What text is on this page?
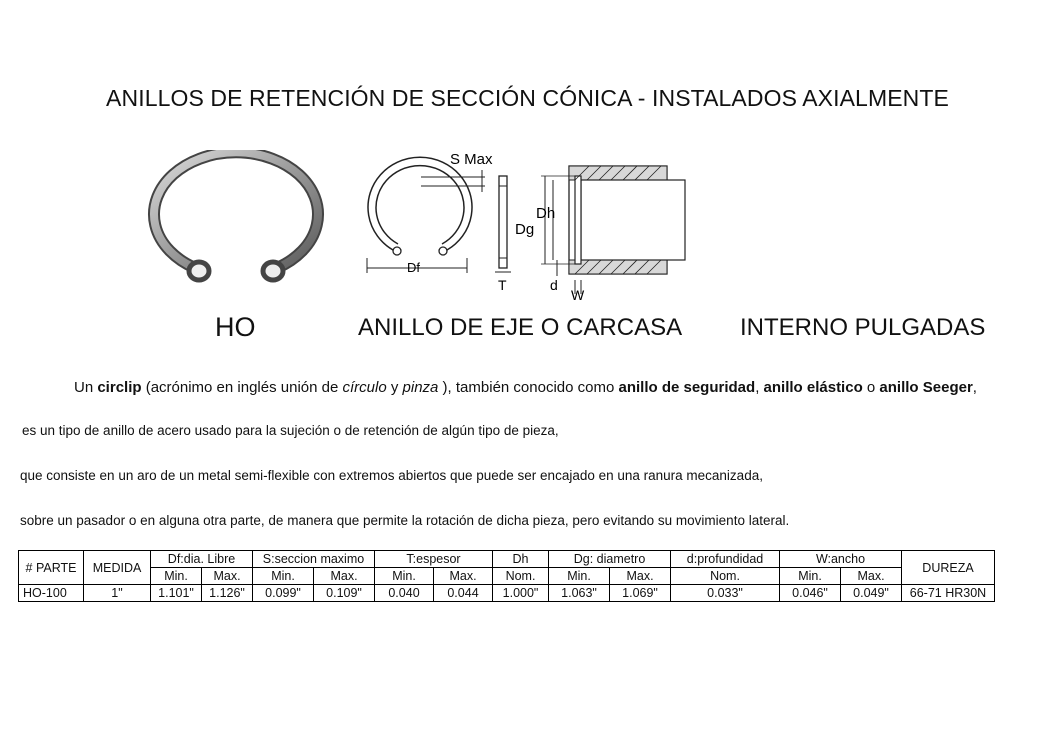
ANILLOS DE RETENCIÓN DE SECCIÓN CÓNICA - INSTALADOS AXIALMENTE
Df
S Max
T
Dh
Dg
d
W
HO	ANILLO DE EJE O CARCASA INTERNO PULGADAS
Un circlip (acrónimo en inglés unión de círculo y pinza ), también conocido como anillo de seguridad, anillo elástico o anillo Seeger,
es un tipo de anillo de acero usado para la sujeción o de retención de algún tipo de pieza,
que consiste en un aro de un metal semi-flexible con extremos abiertos que puede ser encajado en una ranura mecanizada,
sobre un pasador o en alguna otra parte, de manera que permite la rotación de dicha pieza, pero evitando su movimiento lateral.
# PARTE	MEDIDA	Df:dia. Libre		S:seccion maximo		T:espesor		Dh	Dg: diametro		d:profundidad	W:ancho		DUREZA
		Min.	Max.	Min.	Max.	Min.	Max.	Nom.	Min.	Max.	Nom.	Min.	Max.	
HO-100	1"	1.101"	1.126"	0.099"	0.109"	0.040	0.044	1.000"	1.063"	1.069"	0.033"	0.046"	0.049"	66-71 HR30N
